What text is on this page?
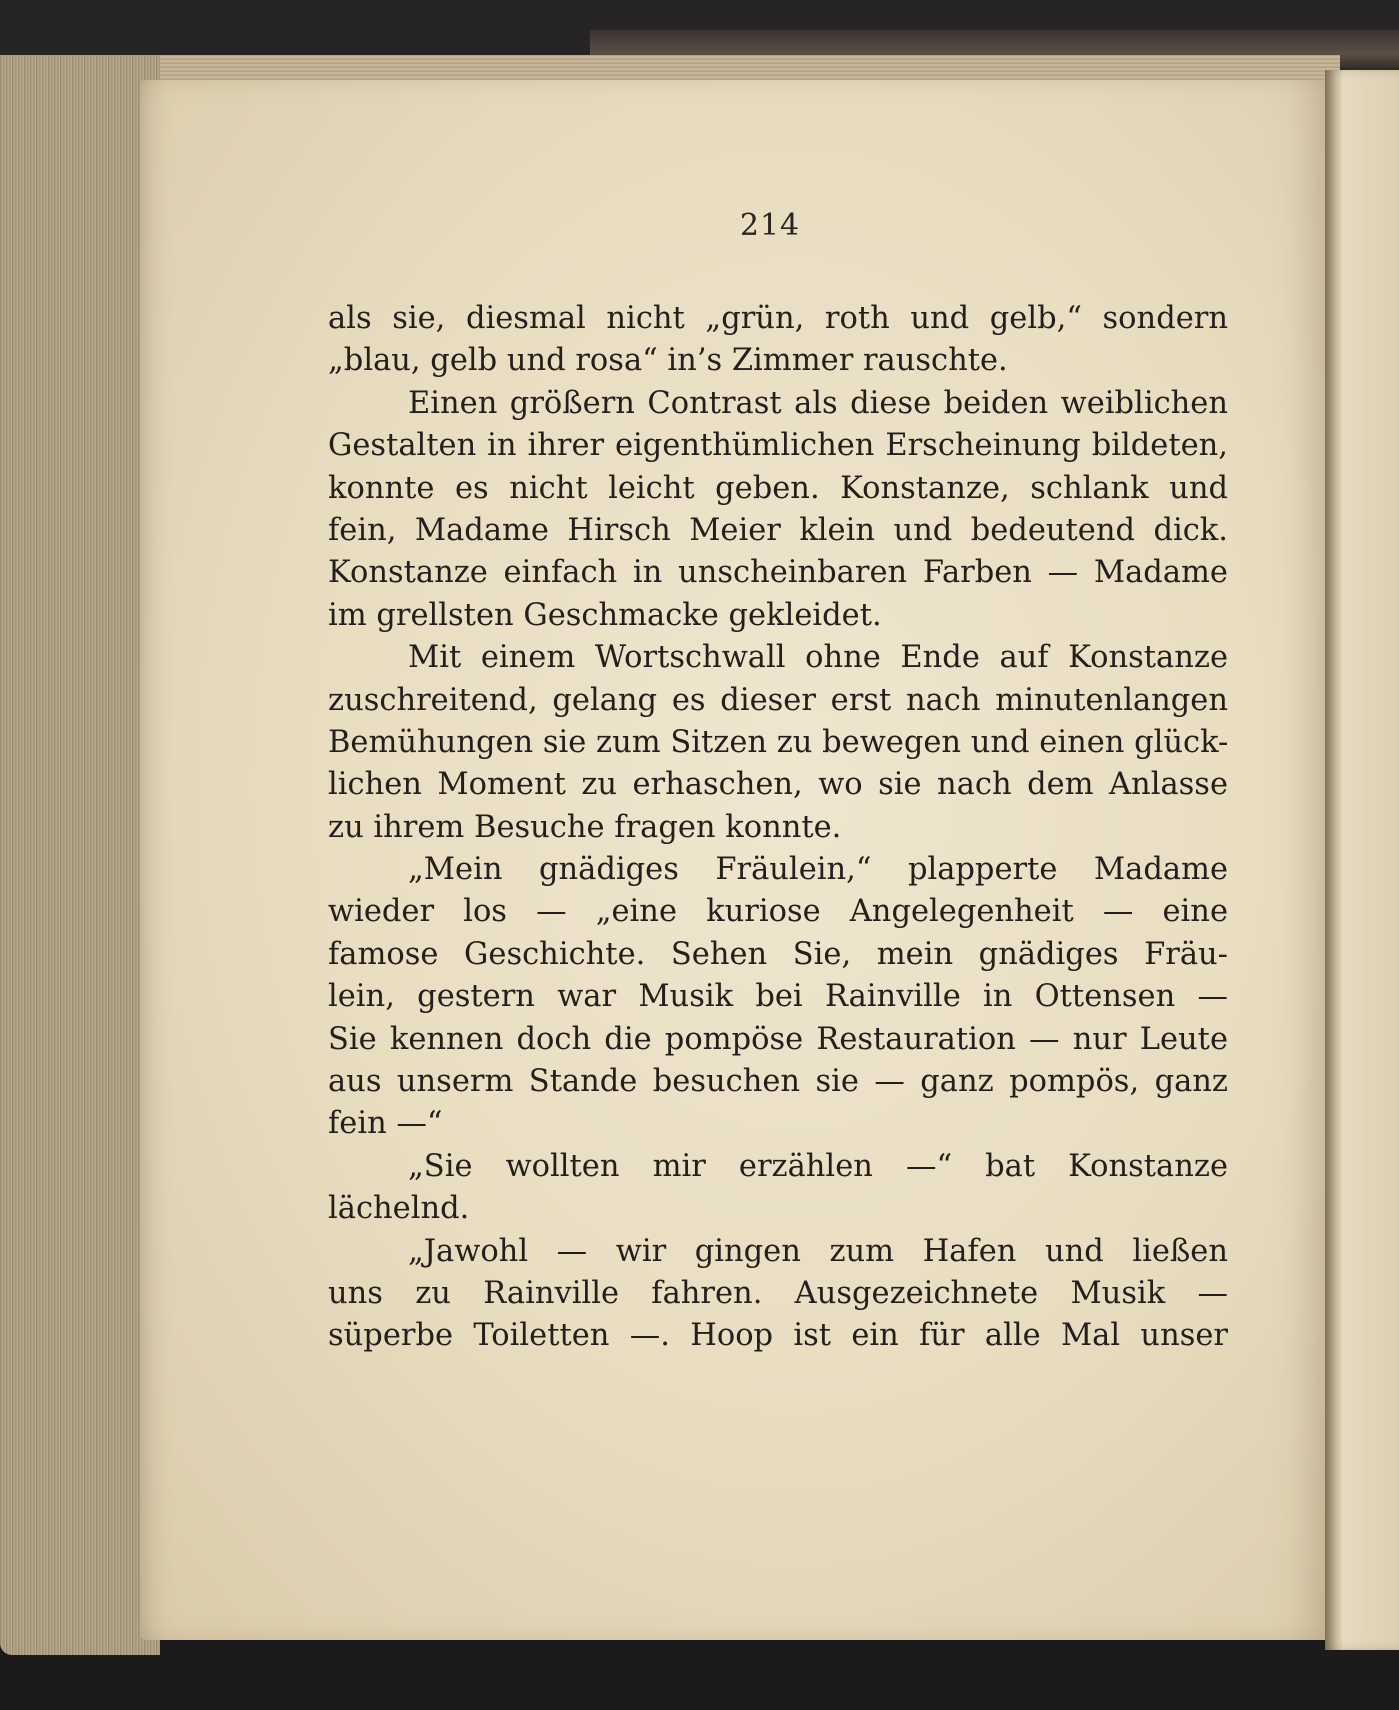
214
als sie, diesmal nicht „grün, roth und gelb,“ sondern
„blau, gelb und rosa“ in’s Zimmer rauschte.
Einen größern Contrast als diese beiden weiblichen
Gestalten in ihrer eigenthümlichen Erscheinung bildeten,
konnte es nicht leicht geben. Konstanze, schlank und
fein, Madame Hirsch Meier klein und bedeutend dick.
Konstanze einfach in unscheinbaren Farben — Madame
im grellsten Geschmacke gekleidet.
Mit einem Wortschwall ohne Ende auf Konstanze
zuschreitend, gelang es dieser erst nach minutenlangen
Bemühungen sie zum Sitzen zu bewegen und einen glück-
lichen Moment zu erhaschen, wo sie nach dem Anlasse
zu ihrem Besuche fragen konnte.
„Mein gnädiges Fräulein,“ plapperte Madame
wieder los — „eine kuriose Angelegenheit — eine
famose Geschichte. Sehen Sie, mein gnädiges Fräu-
lein, gestern war Musik bei Rainville in Ottensen —
Sie kennen doch die pompöse Restauration — nur Leute
aus unserm Stande besuchen sie — ganz pompös, ganz
fein —“
„Sie wollten mir erzählen —“ bat Konstanze
lächelnd.
„Jawohl — wir gingen zum Hafen und ließen
uns zu Rainville fahren. Ausgezeichnete Musik —
süperbe Toiletten —. Hoop ist ein für alle Mal unser
